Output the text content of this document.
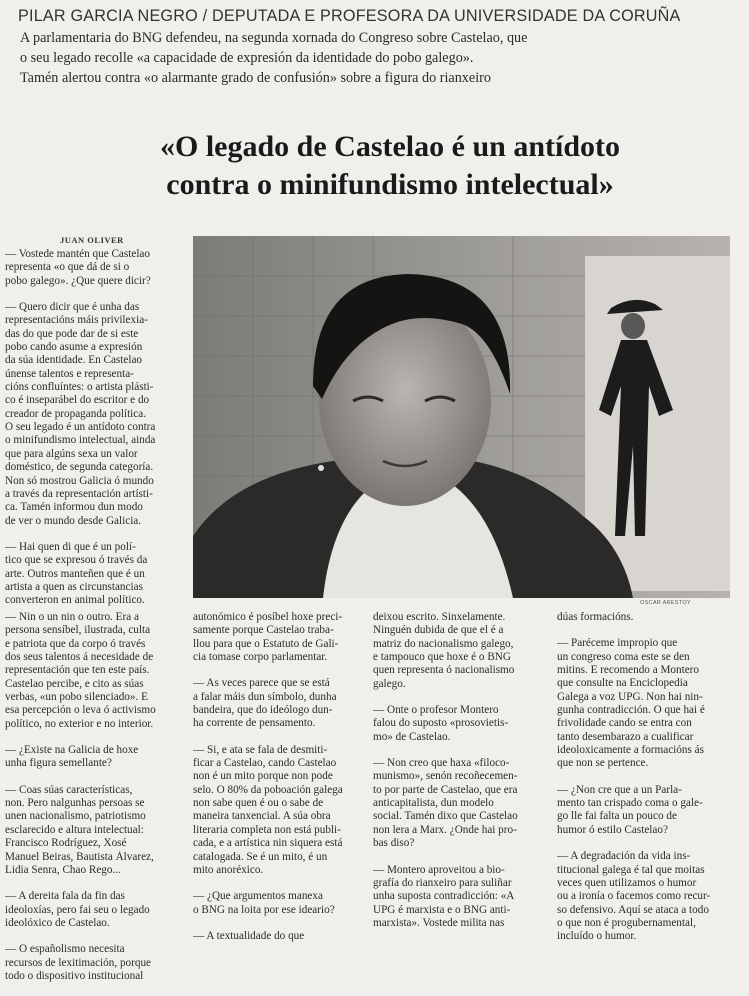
PILAR GARCIA NEGRO / DEPUTADA E PROFESORA DA UNIVERSIDADE DA CORUÑA

A parlamentaria do BNG defendeu, na segunda xornada do Congreso sobre Castelao, que

o seu legado recolle «a capacidade de expresión da identidade do pobo galego».

Tamén alertou contra «o alarmante grado de confusión» sobre a figura do rianxeiro

«O legado de Castelao é un antídoto
contra o minifundismo intelectual»
JUAN OLIVER
OSCAR ARESTOY

— Vostede mantén que Castelao
representa «o que dá de si o
pobo galego». ¿Que quere dicir?

— Quero dicir que é unha das
representacións máis privilexia-
das do que pode dar de si este
pobo cando asume a expresión
da súa identidade. En Castelao
únense talentos e representa-
cións confluíntes: o artista plásti-
co é inseparábel do escritor e do
creador de propaganda política.
O seu legado é un antídoto contra
o minifundismo intelectual, ainda
que para algúns sexa un valor
doméstico, de segunda categoría.
Non só mostrou Galicia ó mundo
a través da representación artísti-
ca. Tamén informou dun modo
de ver o mundo desde Galicia.

— Hai quen di que é un polí-
tico que se expresou ó través da
arte. Outros manteñen que é un
artista a quen as circunstancias
converteron en animal político.

— Nin o un nin o outro. Era a
persona sensíbel, ilustrada, culta
e patriota que da corpo ó través
dos seus talentos á necesidade de
representación que ten este país.
Castelao percibe, e cito as súas
verbas, «un pobo silenciado». E
esa percepción o leva ó activismo
político, no exterior e no interior.

— ¿Existe na Galicia de hoxe
unha figura semellante?

— Coas súas características,
non. Pero nalgunhas persoas se
unen nacionalismo, patriotismo
esclarecido e altura intelectual:
Francisco Rodríguez, Xosé
Manuel Beiras, Bautista Álvarez,
Lidia Senra, Chao Rego...

— A dereita fala da fin das
ideoloxías, pero fai seu o legado
ideolóxico de Castelao.

— O españolismo necesita
recursos de lexitimación, porque
todo o dispositivo institucional

autonómico é posíbel hoxe preci-
samente porque Castelao traba-
llou para que o Estatuto de Gali-
cia tomase corpo parlamentar.

— As veces parece que se está
a falar máis dun símbolo, dunha
bandeira, que do ideólogo dun-
ha corrente de pensamento.

— Si, e ata se fala de desmiti-
ficar a Castelao, cando Castelao
non é un mito porque non pode
selo. O 80% da poboación galega
non sabe quen é ou o sabe de
maneira tanxencial. A súa obra
literaria completa non está publi-
cada, e a artística nin siquera está
catalogada. Se é un mito, é un
mito anoréxico.

— ¿Que argumentos manexa
o BNG na loita por ese ideario?

— A textualidade do que

deixou escrito. Sinxelamente.
Ninguén dubida de que el é a
matriz do nacionalismo galego,
e tampouco que hoxe é o BNG
quen representa ó nacionalismo
galego.

— Onte o profesor Montero
falou do suposto «prosovietis-
mo» de Castelao.

— Non creo que haxa «filoco-
munismo», senón recoñecemen-
to por parte de Castelao, que era
anticapitalista, dun modelo
social. Tamén dixo que Castelao
non lera a Marx. ¿Onde hai pro-
bas diso?

— Montero aproveitou a bio-
grafía do rianxeiro para suliñar
unha suposta contradicción: «A
UPG é marxista e o BNG anti-
marxista». Vostede milita nas

dúas formacións.

— Paréceme impropio que
un congreso coma este se den
mitins. E recomendo a Montero
que consulte na Enciclopedia
Galega a voz UPG. Non hai nin-
gunha contradicción. O que hai é
frivolidade cando se entra con
tanto desembarazo a cualificar
ideoloxicamente a formacións ás
que non se pertence.

— ¿Non cre que a un Parla-
mento tan crispado coma o gale-
go lle fai falta un pouco de
humor ó estilo Castelao?

— A degradación da vida ins-
titucional galega é tal que moitas
veces quen utilizamos o humor
ou a ironía o facemos como recur-
so defensivo. Aquí se ataca a todo
o que non é progubernamental,
incluído o humor.
